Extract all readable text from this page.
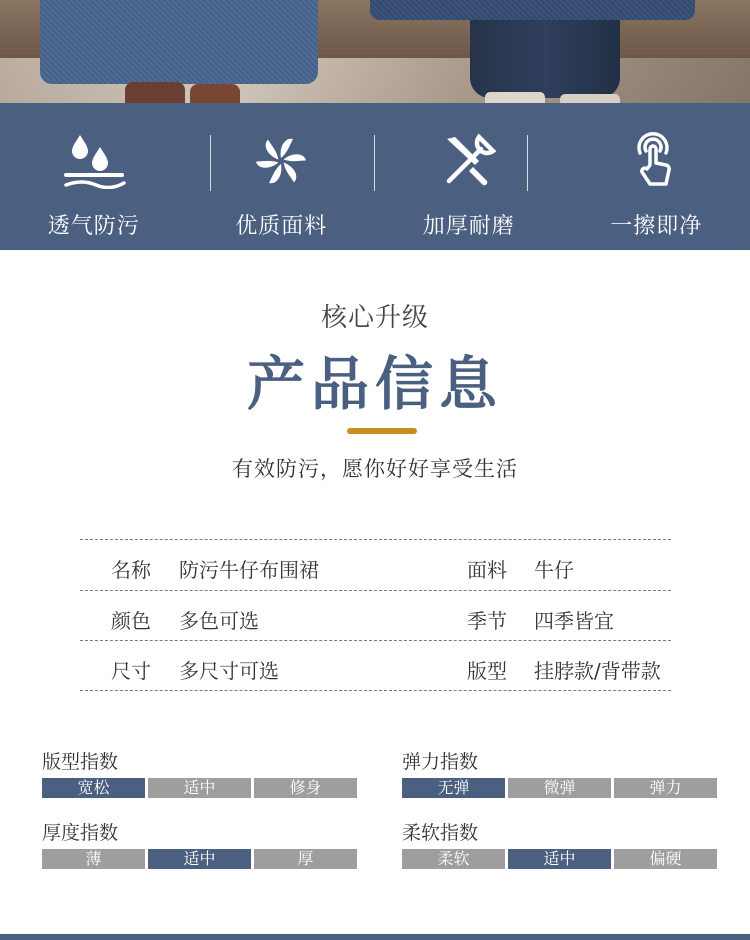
透气防污	优质面料	加厚耐磨	一擦即净
核心升级
产品信息
有效防污，愿你好好享受生活
名称 防污牛仔布围裙	面料 牛仔
颜色 多色可选	季节 四季皆宜
尺寸 多尺寸可选	版型 挂脖款/背带款
版型指数
宽松	适中	修身
弹力指数
无弹	微弹	弹力
厚度指数
薄	适中	厚
柔软指数
柔软	适中	偏硬
